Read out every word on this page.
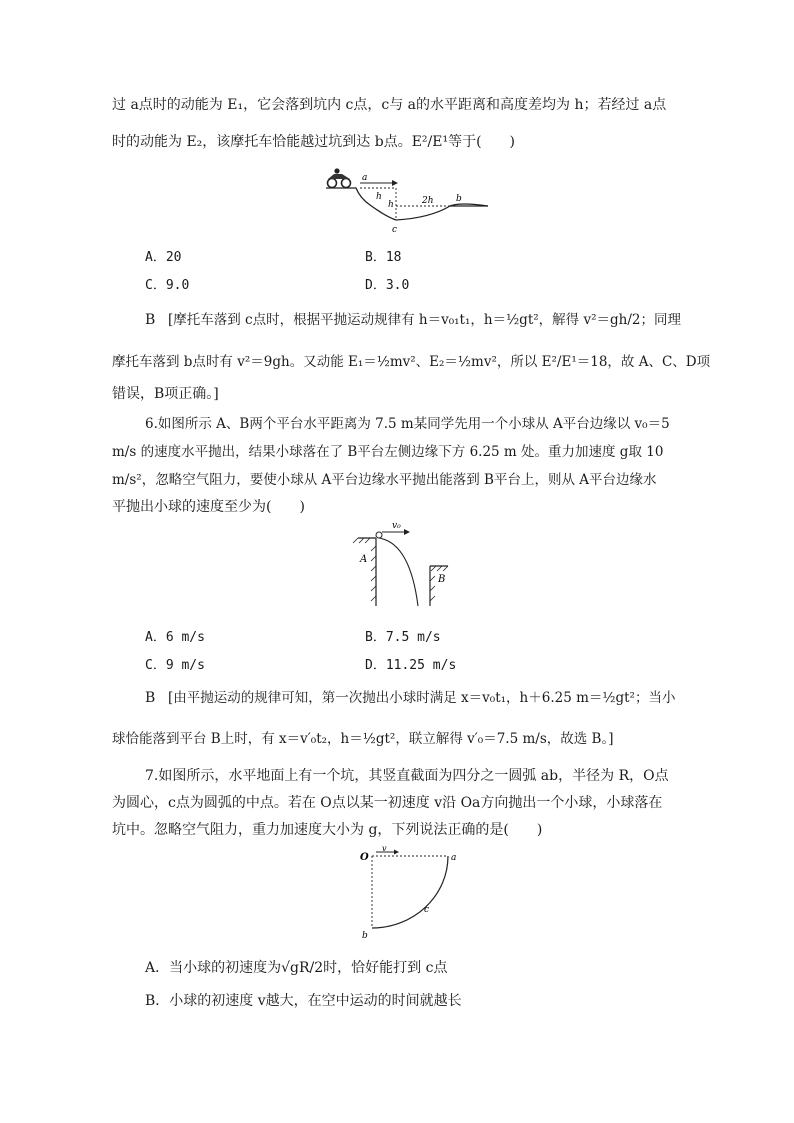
过 a点时的动能为 E₁，它会落到坑内 c点，c与 a的水平距离和高度差均为 h；若经过 a点
时的动能为 E₂，该摩托车恰能越过坑到达 b点。E²/E¹等于(　　)
a
h
h	2h b
c
A．20	B．18
C．9.0	D．3.0
B [摩托车落到 c点时，根据平抛运动规律有 h＝v₀₁t₁，h＝½gt²，解得 v²＝gh/2；同理
摩托车落到 b点时有 v²＝9gh。又动能 E₁＝½mv²、E₂＝½mv²，所以 E²/E¹＝18，故 A、C、D项
错误，B项正确。]
6.如图所示 A、B两个平台水平距离为 7.5 m某同学先用一个小球从 A平台边缘以 v₀＝5
m/s 的速度水平抛出，结果小球落在了 B平台左侧边缘下方 6.25 m 处。重力加速度 g取 10
m/s²，忽略空气阻力，要使小球从 A平台边缘水平抛出能落到 B平台上，则从 A平台边缘水
平抛出小球的速度至少为(　　)
v₀
A
B
A．6 m/s	B．7.5 m/s
C．9 m/s	D．11.25 m/s
B [由平抛运动的规律可知，第一次抛出小球时满足 x＝v₀t₁，h＋6.25 m＝½gt²；当小
球恰能落到平台 B上时，有 x＝v′₀t₂，h＝½gt²，联立解得 v′₀＝7.5 m/s，故选 B。]
7.如图所示，水平地面上有一个坑，其竖直截面为四分之一圆弧 ab，半径为 R，O点
为圆心，c点为圆弧的中点。若在 O点以某一初速度 v沿 Oa方向抛出一个小球，小球落在
坑中。忽略空气阻力，重力加速度大小为 g，下列说法正确的是(　　)
O
v
a
b
c
A．当小球的初速度为√gR/2时，恰好能打到 c点
B．小球的初速度 v越大，在空中运动的时间就越长
